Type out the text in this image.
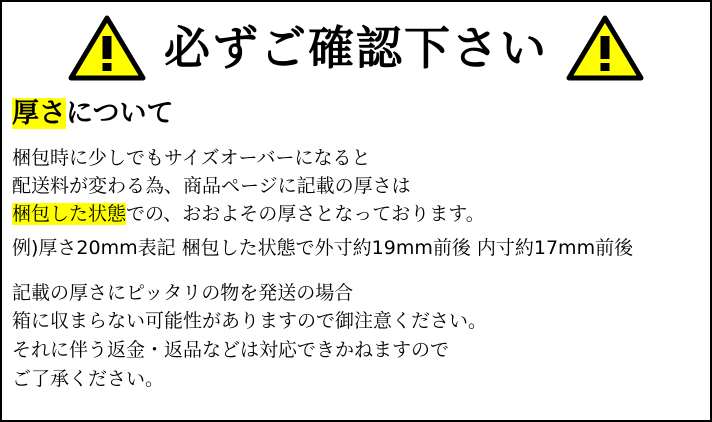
必ずご確認下さい
厚さについて
梱包時に少しでもサイズオーバーになると
配送料が変わる為、商品ページに記載の厚さは
梱包した状態での、おおよその厚さとなっております。
例)厚さ20mm表記 梱包した状態で外寸約19mm前後 内寸約17mm前後
記載の厚さにピッタリの物を発送の場合
箱に収まらない可能性がありますので御注意ください。
それに伴う返金・返品などは対応できかねますので
ご了承ください。
